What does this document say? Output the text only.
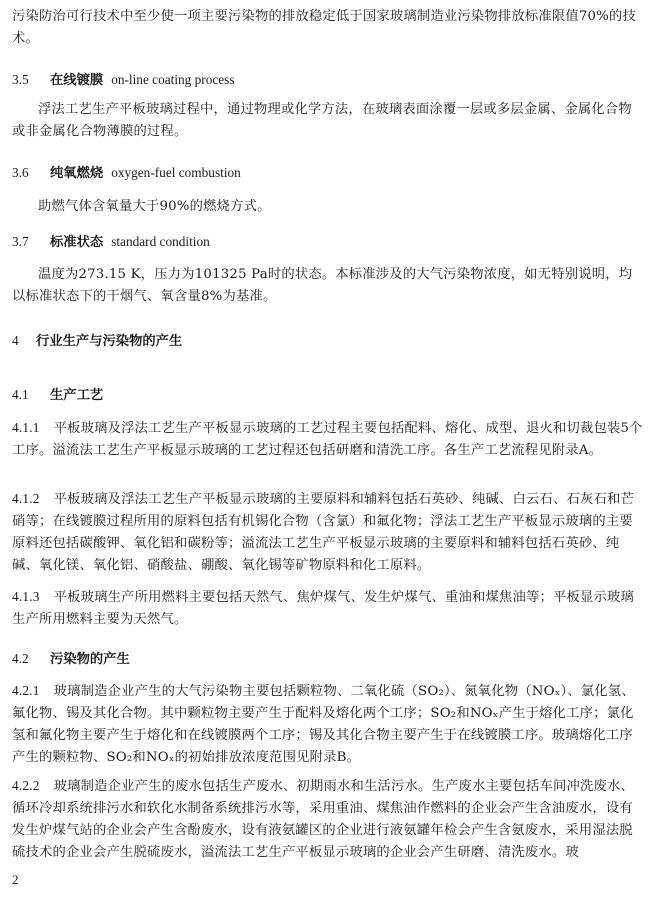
污染防治可行技术中至少使一项主要污染物的排放稳定低于国家玻璃制造业污染物排放标准限值70%的技术。
3.5 在线镀膜 on-line coating process
浮法工艺生产平板玻璃过程中，通过物理或化学方法，在玻璃表面涂覆一层或多层金属、金属化合物或非金属化合物薄膜的过程。
3.6 纯氧燃烧 oxygen-fuel combustion
助燃气体含氧量大于90%的燃烧方式。
3.7 标准状态 standard condition
温度为273.15 K，压力为101325 Pa时的状态。本标准涉及的大气污染物浓度，如无特别说明，均以标准状态下的干烟气、氧含量8%为基准。
4 行业生产与污染物的产生
4.1 生产工艺
4.1.1 平板玻璃及浮法工艺生产平板显示玻璃的工艺过程主要包括配料、熔化、成型、退火和切裁包装5个工序。溢流法工艺生产平板显示玻璃的工艺过程还包括研磨和清洗工序。各生产工艺流程见附录A。
4.1.2 平板玻璃及浮法工艺生产平板显示玻璃的主要原料和辅料包括石英砂、纯碱、白云石、石灰石和芒硝等；在线镀膜过程所用的原料包括有机锡化合物（含氯）和氟化物；浮法工艺生产平板显示玻璃的主要原料还包括碳酸钾、氧化铝和碳粉等；溢流法工艺生产平板显示玻璃的主要原料和辅料包括石英砂、纯碱、氧化镁、氧化铝、硝酸盐、硼酸、氧化锡等矿物原料和化工原料。
4.1.3 平板玻璃生产所用燃料主要包括天然气、焦炉煤气、发生炉煤气、重油和煤焦油等；平板显示玻璃生产所用燃料主要为天然气。
4.2 污染物的产生
4.2.1 玻璃制造企业产生的大气污染物主要包括颗粒物、二氧化硫（SO₂）、氮氧化物（NOₓ）、氯化氢、氟化物、锡及其化合物。其中颗粒物主要产生于配料及熔化两个工序；SO₂和NOₓ产生于熔化工序；氯化氢和氟化物主要产生于熔化和在线镀膜两个工序；锡及其化合物主要产生于在线镀膜工序。玻璃熔化工序产生的颗粒物、SO₂和NOₓ的初始排放浓度范围见附录B。
4.2.2 玻璃制造企业产生的废水包括生产废水、初期雨水和生活污水。生产废水主要包括车间冲洗废水、循环冷却系统排污水和软化水制备系统排污水等，采用重油、煤焦油作燃料的企业会产生含油废水，设有发生炉煤气站的企业会产生含酚废水，设有液氨罐区的企业进行液氨罐年检会产生含氨废水，采用湿法脱硫技术的企业会产生脱硫废水，溢流法工艺生产平板显示玻璃的企业会产生研磨、清洗废水。玻
2
